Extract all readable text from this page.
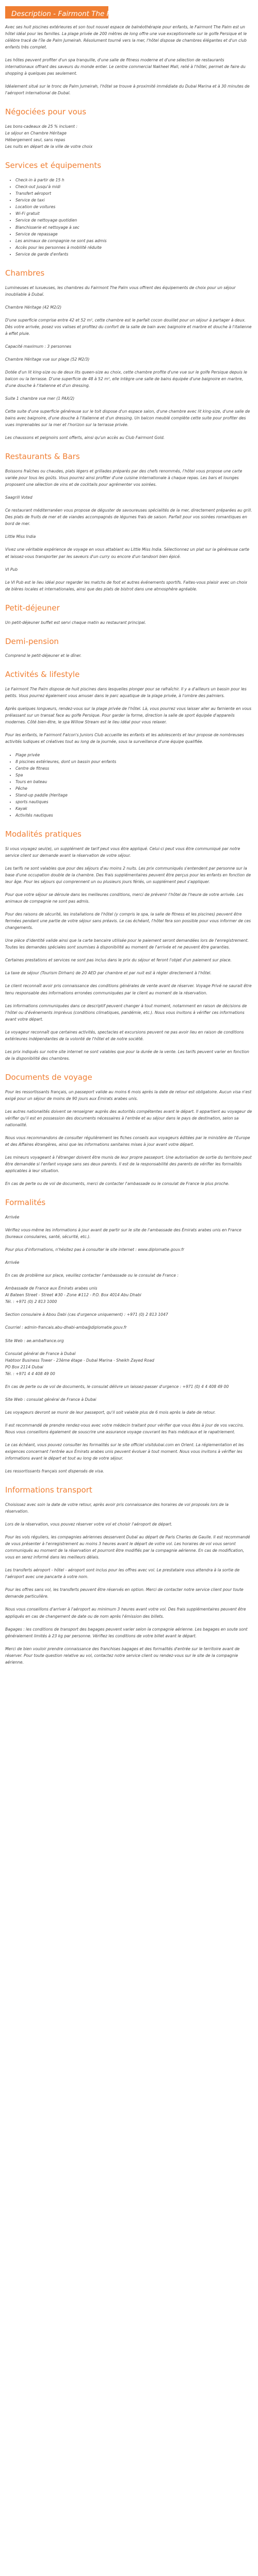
Description - Fairmont The Palm - 5*

Avec ses huit piscines extérieures et son tout nouvel espace de balnéothérapie pour enfants, le Fairmont The Palm est un hôtel idéal pour les familles. La plage privée de 200 mètres de long offre une vue exceptionnelle sur le golfe Persique et le célèbre tracé de l'île de Palm Jumeirah. Résolument tourné vers la mer, l'hôtel dispose de chambres élégantes et d'un club enfants très complet.

Les hôtes peuvent profiter d'un spa tranquille, d'une salle de fitness moderne et d'une sélection de restaurants internationaux offrant des saveurs du monde entier. Le centre commercial Nakheel Mall, relié à l'hôtel, permet de faire du shopping à quelques pas seulement.

Idéalement situé sur le tronc de Palm Jumeirah, l'hôtel se trouve à proximité immédiate du Dubai Marina et à 30 minutes de l'aéroport international de Dubaï.

Négociées pour vous

Les bons-cadeaux de 25 % incluent :
Le séjour en Chambre Héritage
Hébergement seul, sans repas
Les nuits en départ de la ville de votre choix

Services et équipements
• Check-in à partir de 15 h
• Check-out jusqu'à midi
• Transfert aéroport
• Service de taxi
• Location de voitures
• Wi-Fi gratuit
• Service de nettoyage quotidien
• Blanchisserie et nettoyage à sec
• Service de repassage
• Les animaux de compagnie ne sont pas admis
• Accès pour les personnes à mobilité réduite
• Service de garde d'enfants
Chambres

Lumineuses et luxueuses, les chambres du Fairmont The Palm vous offrent des équipements de choix pour un séjour inoubliable à Dubaï.

Chambre Héritage (42 M2/2)

D'une superficie comprise entre 42 et 52 m², cette chambre est le parfait cocon douillet pour un séjour à partager à deux. Dès votre arrivée, posez vos valises et profitez du confort de la salle de bain avec baignoire et marbre et douche à l'italienne à effet pluie.

Capacité maximum : 3 personnes

Chambre Héritage vue sur plage (52 M2/3)

Dotée d'un lit king-size ou de deux lits queen-size au choix, cette chambre profite d'une vue sur le golfe Persique depuis le balcon ou la terrasse. D'une superficie de 48 à 52 m², elle intègre une salle de bains équipée d'une baignoire en marbre, d'une douche à l'italienne et d'un dressing.

Suite 1 chambre vue mer (1 PAX/2)

Cette suite d'une superficie généreuse sur le toit dispose d'un espace salon, d'une chambre avec lit king-size, d'une salle de bains avec baignoire, d'une douche à l'italienne et d'un dressing. Un balcon meublé complète cette suite pour profiter des vues imprenables sur la mer et l'horizon sur la terrasse privée.

Les chaussons et peignoirs sont offerts, ainsi qu'un accès au Club Fairmont Gold.

Restaurants & Bars

Boissons fraîches ou chaudes, plats légers et grillades préparés par des chefs renommés, l'hôtel vous propose une carte variée pour tous les goûts. Vous pourrez ainsi profiter d'une cuisine internationale à chaque repas. Les bars et lounges proposent une sélection de vins et de cocktails pour agrémenter vos soirées.

Saagrill Voted

Ce restaurant méditerranéen vous propose de déguster de savoureuses spécialités de la mer, directement préparées au grill. Des plats de fruits de mer et de viandes accompagnés de légumes frais de saison. Parfait pour vos soirées romantiques en bord de mer.

Little Miss India

Vivez une véritable expérience de voyage en vous attablant au Little Miss India. Sélectionnez un plat sur la généreuse carte et laissez-vous transporter par les saveurs d'un curry ou encore d'un tandoori bien épicé.

VI Pub

Le VI Pub est le lieu idéal pour regarder les matchs de foot et autres événements sportifs. Faites-vous plaisir avec un choix de bières locales et internationales, ainsi que des plats de bistrot dans une atmosphère agréable.

Petit-déjeuner

Un petit-déjeuner buffet est servi chaque matin au restaurant principal.

Demi-pension

Comprend le petit-déjeuner et le dîner.

Activités & lifestyle

Le Fairmont The Palm dispose de huit piscines dans lesquelles plonger pour se rafraîchir. Il y a d'ailleurs un bassin pour les petits. Vous pourrez également vous amuser dans le parc aquatique de la plage privée, à l'ombre des palmiers.

Après quelques longueurs, rendez-vous sur la plage privée de l'hôtel. Là, vous pourrez vous laisser aller au farniente en vous prélassant sur un transat face au golfe Persique. Pour garder la forme, direction la salle de sport équipée d'appareils modernes. Côté bien-être, le spa Willow Stream est le lieu idéal pour vous relaxer.

Pour les enfants, le Fairmont Falcon's Juniors Club accueille les enfants et les adolescents et leur propose de nombreuses activités ludiques et créatives tout au long de la journée, sous la surveillance d'une équipe qualifiée.

• Plage privée
• 8 piscines extérieures, dont un bassin pour enfants
• Centre de fitness
• Spa
• Tours en bateau
• Pêche
• Stand-up paddle (Heritage
• sports nautiques
• Kayak
• Activités nautiques
Modalités pratiques

Si vous voyagez seul(e), un supplément de tarif peut vous être appliqué. Celui-ci peut vous être communiqué par notre service client sur demande avant la réservation de votre séjour.

Les tarifs ne sont valables que pour des séjours d'au moins 2 nuits. Les prix communiqués s'entendent par personne sur la base d'une occupation double de la chambre. Des frais supplémentaires peuvent être perçus pour les enfants en fonction de leur âge. Pour les séjours qui comprennent un ou plusieurs jours fériés, un supplément peut s'appliquer.

Pour que votre séjour se déroule dans les meilleures conditions, merci de prévenir l'hôtel de l'heure de votre arrivée. Les animaux de compagnie ne sont pas admis.

Pour des raisons de sécurité, les installations de l'hôtel (y compris le spa, la salle de fitness et les piscines) peuvent être fermées pendant une partie de votre séjour sans préavis. Le cas échéant, l'hôtel fera son possible pour vous informer de ces changements.

Une pièce d'identité valide ainsi que la carte bancaire utilisée pour le paiement seront demandées lors de l'enregistrement. Toutes les demandes spéciales sont soumises à disponibilité au moment de l'arrivée et ne peuvent être garanties.

Certaines prestations et services ne sont pas inclus dans le prix du séjour et feront l'objet d'un paiement sur place.

La taxe de séjour (Tourism Dirham) de 20 AED par chambre et par nuit est à régler directement à l'hôtel.

Le client reconnaît avoir pris connaissance des conditions générales de vente avant de réserver. Voyage Privé ne saurait être tenu responsable des informations erronées communiquées par le client au moment de la réservation.

Les informations communiquées dans ce descriptif peuvent changer à tout moment, notamment en raison de décisions de l'hôtel ou d'événements imprévus (conditions climatiques, pandémie, etc.). Nous vous invitons à vérifier ces informations avant votre départ.

Le voyageur reconnaît que certaines activités, spectacles et excursions peuvent ne pas avoir lieu en raison de conditions extérieures indépendantes de la volonté de l'hôtel et de notre société.

Les prix indiqués sur notre site internet ne sont valables que pour la durée de la vente. Les tarifs peuvent varier en fonction de la disponibilité des chambres.

Documents de voyage

Pour les ressortissants français, un passeport valide au moins 6 mois après la date de retour est obligatoire. Aucun visa n'est exigé pour un séjour de moins de 90 jours aux Émirats arabes unis.

Les autres nationalités doivent se renseigner auprès des autorités compétentes avant le départ. Il appartient au voyageur de vérifier qu'il est en possession des documents nécessaires à l'entrée et au séjour dans le pays de destination, selon sa nationalité.

Nous vous recommandons de consulter régulièrement les fiches conseils aux voyageurs éditées par le ministère de l'Europe et des Affaires étrangères, ainsi que les informations sanitaires mises à jour avant votre départ.

Les mineurs voyageant à l'étranger doivent être munis de leur propre passeport. Une autorisation de sortie du territoire peut être demandée si l'enfant voyage sans ses deux parents. Il est de la responsabilité des parents de vérifier les formalités applicables à leur situation.

En cas de perte ou de vol de documents, merci de contacter l'ambassade ou le consulat de France le plus proche.

Formalités

Arrivée

Vérifiez vous-même les informations à jour avant de partir sur le site de l'ambassade des Émirats arabes unis en France (bureaux consulaires, santé, sécurité, etc.).

Pour plus d'informations, n'hésitez pas à consulter le site internet : www.diplomatie.gouv.fr

Arrivée

En cas de problème sur place, veuillez contacter l'ambassade ou le consulat de France :

Ambassade de France aux Émirats arabes unis
Al Bateen Street - Street #30 - Zone #112 - P.O. Box 4014 Abu Dhabi
Tél. : +971 (0) 2 813 1000

Section consulaire à Abou Dabi (cas d'urgence uniquement) : +971 (0) 2 813 1047

Courriel : admin-francais.abu-dhabi-amba@diplomatie.gouv.fr

Site Web : ae.ambafrance.org

Consulat général de France à Dubaï
Habtoor Business Tower - 23ème étage - Dubaï Marina - Sheikh Zayed Road
PO Box 2114 Dubai
Tél. : +971 4 4 408 49 00

En cas de perte ou de vol de documents, le consulat délivre un laissez-passer d'urgence : +971 (0) 4 4 408 49 00

Site Web : consulat général de France à Dubai

Les voyageurs devront se munir de leur passeport, qu'il soit valable plus de 6 mois après la date de retour.

Il est recommandé de prendre rendez-vous avec votre médecin traitant pour vérifier que vous êtes à jour de vos vaccins. Nous vous conseillons également de souscrire une assurance voyage couvrant les frais médicaux et le rapatriement.

Le cas échéant, vous pouvez consulter les formalités sur le site officiel visitdubai.com en Orient. La réglementation et les exigences concernant l'entrée aux Émirats arabes unis peuvent évoluer à tout moment. Nous vous invitons à vérifier les informations avant le départ et tout au long de votre séjour.

Les ressortissants français sont dispensés de visa.

Informations transport

Choisissez avec soin la date de votre retour, après avoir pris connaissance des horaires de vol proposés lors de la réservation.

Lors de la réservation, vous pouvez réserver votre vol et choisir l'aéroport de départ.

Pour les vols réguliers, les compagnies aériennes desservent Dubaï au départ de Paris Charles de Gaulle. Il est recommandé de vous présenter à l'enregistrement au moins 3 heures avant le départ de votre vol. Les horaires de vol vous seront communiqués au moment de la réservation et pourront être modifiés par la compagnie aérienne. En cas de modification, vous en serez informé dans les meilleurs délais.

Les transferts aéroport - hôtel - aéroport sont inclus pour les offres avec vol. Le prestataire vous attendra à la sortie de l'aéroport avec une pancarte à votre nom.

Pour les offres sans vol, les transferts peuvent être réservés en option. Merci de contacter notre service client pour toute demande particulière.

Nous vous conseillons d'arriver à l'aéroport au minimum 3 heures avant votre vol. Des frais supplémentaires peuvent être appliqués en cas de changement de date ou de nom après l'émission des billets.

Bagages : les conditions de transport des bagages peuvent varier selon la compagnie aérienne. Les bagages en soute sont généralement limités à 23 kg par personne. Vérifiez les conditions de votre billet avant le départ.

Merci de bien vouloir prendre connaissance des franchises bagages et des formalités d'entrée sur le territoire avant de réserver. Pour toute question relative au vol, contactez notre service client ou rendez-vous sur le site de la compagnie aérienne.
